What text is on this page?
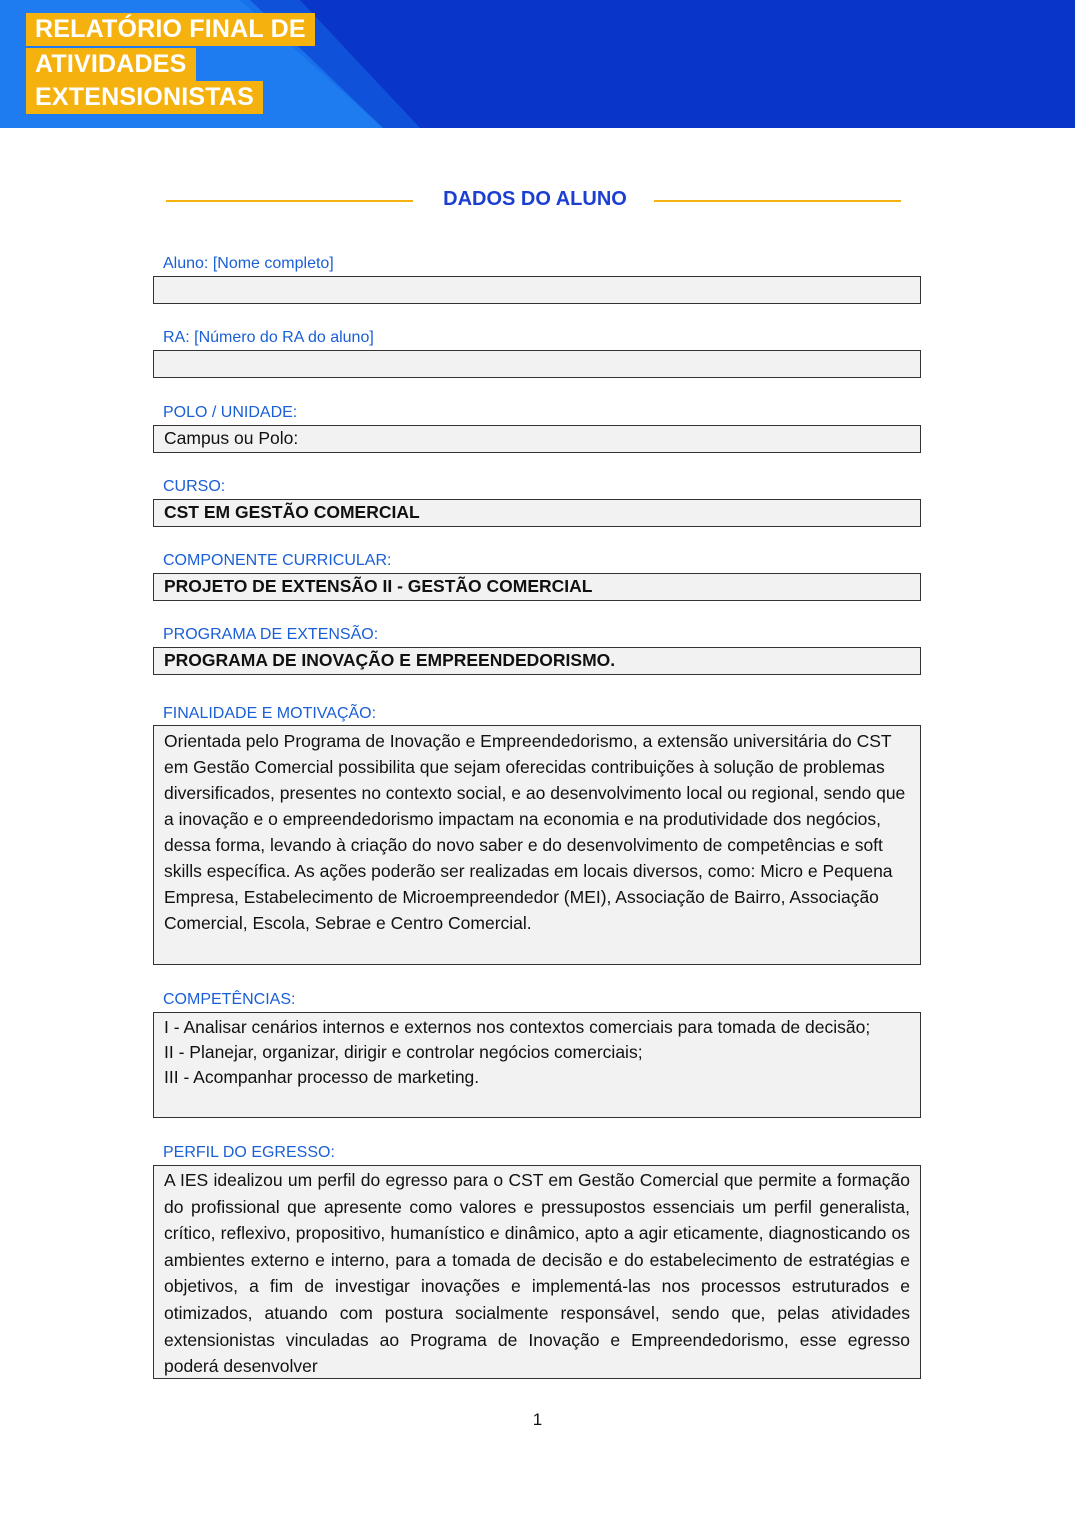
RELATÓRIO FINAL DE
ATIVIDADES
EXTENSIONISTAS
DADOS DO ALUNO
Aluno: [Nome completo]
RA: [Número do RA do aluno]
POLO / UNIDADE:
Campus ou Polo:
CURSO:
CST EM GESTÃO COMERCIAL
COMPONENTE CURRICULAR:
PROJETO DE EXTENSÃO II - GESTÃO COMERCIAL
PROGRAMA DE EXTENSÃO:
PROGRAMA DE INOVAÇÃO E EMPREENDEDORISMO.
FINALIDADE E MOTIVAÇÃO:

Orientada pelo Programa de Inovação e Empreendedorismo, a extensão universitária do CST em Gestão Comercial possibilita que sejam oferecidas contribuições à solução de problemas diversificados, presentes no contexto social, e ao desenvolvimento local ou regional, sendo que a inovação e o empreendedorismo impactam na economia e na produtividade dos negócios, dessa forma, levando à criação do novo saber e do desenvolvimento de competências e soft skills específica. As ações poderão ser realizadas em locais diversos, como: Micro e Pequena Empresa, Estabelecimento de Microempreendedor (MEI), Associação de Bairro, Associação Comercial, Escola, Sebrae e Centro Comercial.

COMPETÊNCIAS:

I - Analisar cenários internos e externos nos contextos comerciais para tomada de decisão;

II - Planejar, organizar, dirigir e controlar negócios comerciais;

III - Acompanhar processo de marketing.

PERFIL DO EGRESSO:

A IES idealizou um perfil do egresso para o CST em Gestão Comercial que permite a formação do profissional que apresente como valores e pressupostos essenciais um perfil generalista, crítico, reflexivo, propositivo, humanístico e dinâmico, apto a agir eticamente, diagnosticando os ambientes externo e interno, para a tomada de decisão e do estabelecimento de estratégias e objetivos, a fim de investigar inovações e implementá-las nos processos estruturados e otimizados, atuando com postura socialmente responsável, sendo que, pelas atividades extensionistas vinculadas ao Programa de Inovação e Empreendedorismo, esse egresso poderá desenvolver

1
